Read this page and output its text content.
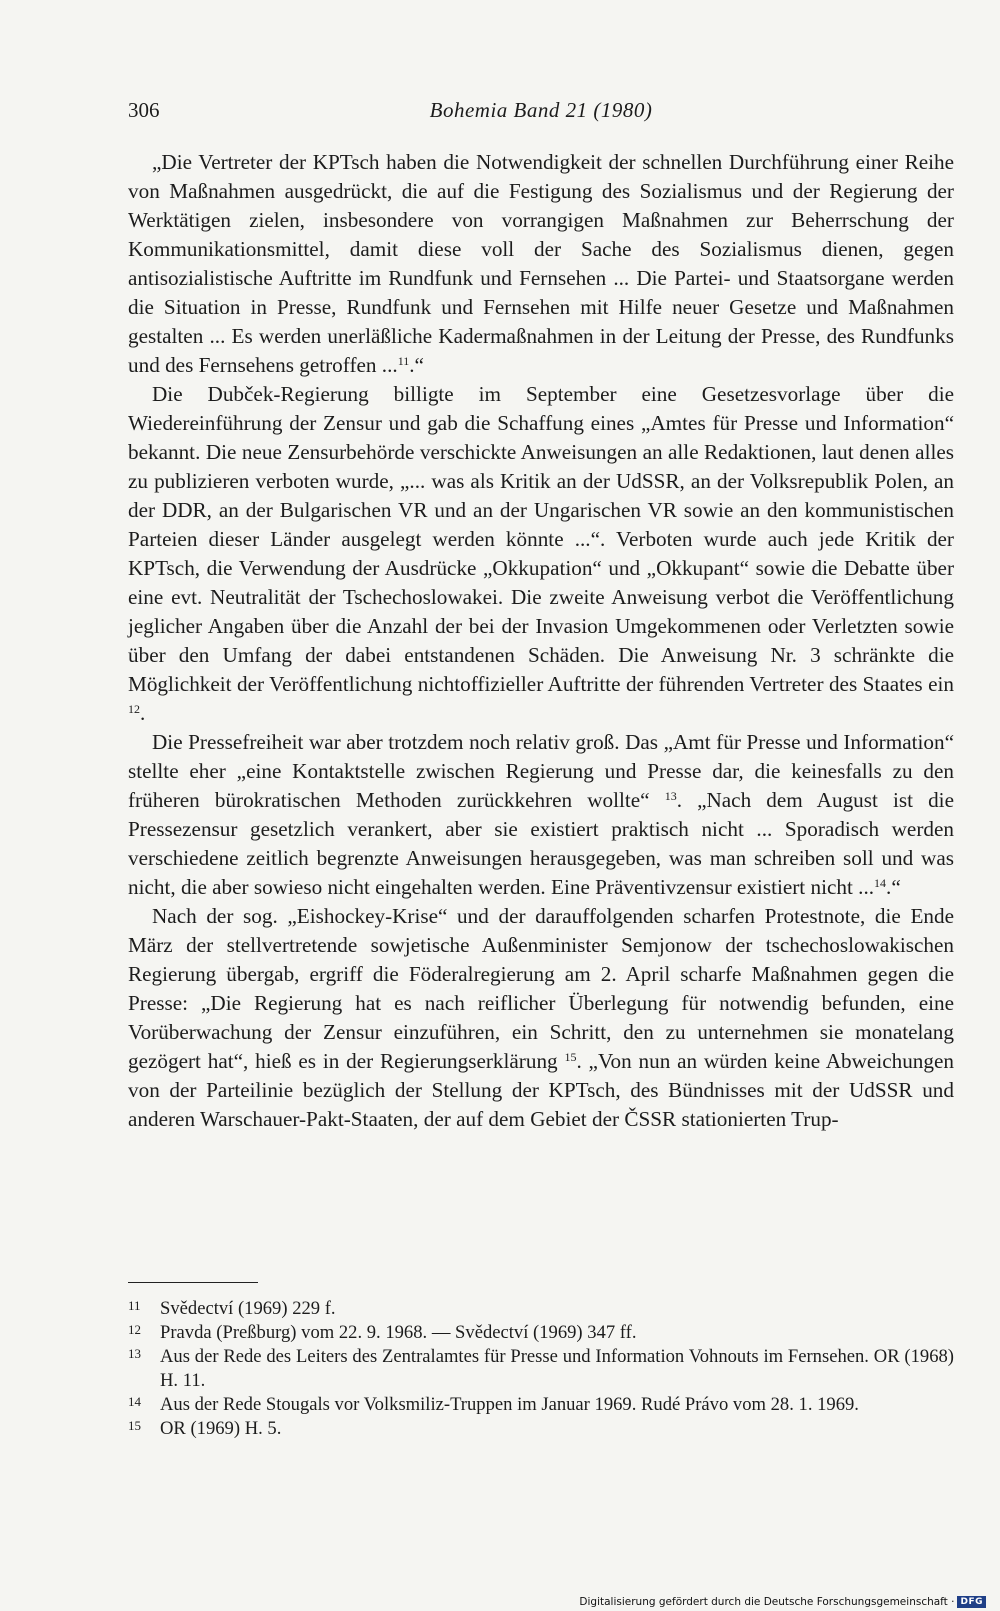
306	Bohemia Band 21 (1980)

„Die Vertreter der KPTsch haben die Notwendigkeit der schnellen Durchführung einer Reihe von Maßnahmen ausgedrückt, die auf die Festigung des Sozialismus und der Regierung der Werktätigen zielen, insbesondere von vorrangigen Maßnahmen zur Beherrschung der Kommunikationsmittel, damit diese voll der Sache des Sozialismus dienen, gegen antisozialistische Auftritte im Rundfunk und Fernsehen ... Die Partei- und Staatsorgane werden die Situation in Presse, Rundfunk und Fernsehen mit Hilfe neuer Gesetze und Maßnahmen gestalten ... Es werden unerläßliche Kadermaßnahmen in der Leitung der Presse, des Rundfunks und des Fernsehens getroffen ...$^{11}$.“

Die Dubček-Regierung billigte im September eine Gesetzesvorlage über die Wiedereinführung der Zensur und gab die Schaffung eines „Amtes für Presse und Information“ bekannt. Die neue Zensurbehörde verschickte Anweisungen an alle Redaktionen, laut denen alles zu publizieren verboten wurde, „... was als Kritik an der UdSSR, an der Volksrepublik Polen, an der DDR, an der Bulgarischen VR und an der Ungarischen VR sowie an den kommunistischen Parteien dieser Länder ausgelegt werden könnte ...“. Verboten wurde auch jede Kritik der KPTsch, die Verwendung der Ausdrücke „Okkupation“ und „Okkupant“ sowie die Debatte über eine evt. Neutralität der Tschechoslowakei. Die zweite Anweisung verbot die Veröffentlichung jeglicher Angaben über die Anzahl der bei der Invasion Umgekommenen oder Verletzten sowie über den Umfang der dabei entstandenen Schäden. Die Anweisung Nr. 3 schränkte die Möglichkeit der Veröffentlichung nichtoffizieller Auftritte der führenden Vertreter des Staates ein $^{12}$.

Die Pressefreiheit war aber trotzdem noch relativ groß. Das „Amt für Presse und Information“ stellte eher „eine Kontaktstelle zwischen Regierung und Presse dar, die keinesfalls zu den früheren bürokratischen Methoden zurückkehren wollte“ $^{13}$. „Nach dem August ist die Pressezensur gesetzlich verankert, aber sie existiert praktisch nicht ... Sporadisch werden verschiedene zeitlich begrenzte Anweisungen herausgegeben, was man schreiben soll und was nicht, die aber sowieso nicht eingehalten werden. Eine Präventivzensur existiert nicht ...$^{14}$.“

Nach der sog. „Eishockey-Krise“ und der darauffolgenden scharfen Protestnote, die Ende März der stellvertretende sowjetische Außenminister Semjonow der tschechoslowakischen Regierung übergab, ergriff die Föderalregierung am 2. April scharfe Maßnahmen gegen die Presse: „Die Regierung hat es nach reiflicher Überlegung für notwendig befunden, eine Vorüberwachung der Zensur einzuführen, ein Schritt, den zu unternehmen sie monatelang gezögert hat“, hieß es in der Regierungserklärung $^{15}$. „Von nun an würden keine Abweichungen von der Parteilinie bezüglich der Stellung der KPTsch, des Bündnisses mit der UdSSR und anderen Warschauer-Pakt-Staaten, der auf dem Gebiet der ČSSR stationierten Trup-

11	Svědectví (1969) 229 f.
12	Pravda (Preßburg) vom 22. 9. 1968. — Svědectví (1969) 347 ff.
13	Aus der Rede des Leiters des Zentralamtes für Presse und Information Vohnouts im Fernsehen. OR (1968) H. 11.
14	Aus der Rede Stougals vor Volksmiliz-Truppen im Januar 1969. Rudé Právo vom 28. 1. 1969.
15	OR (1969) H. 5.
Digitalisierung gefördert durch die Deutsche Forschungsgemeinschaft · DFG
